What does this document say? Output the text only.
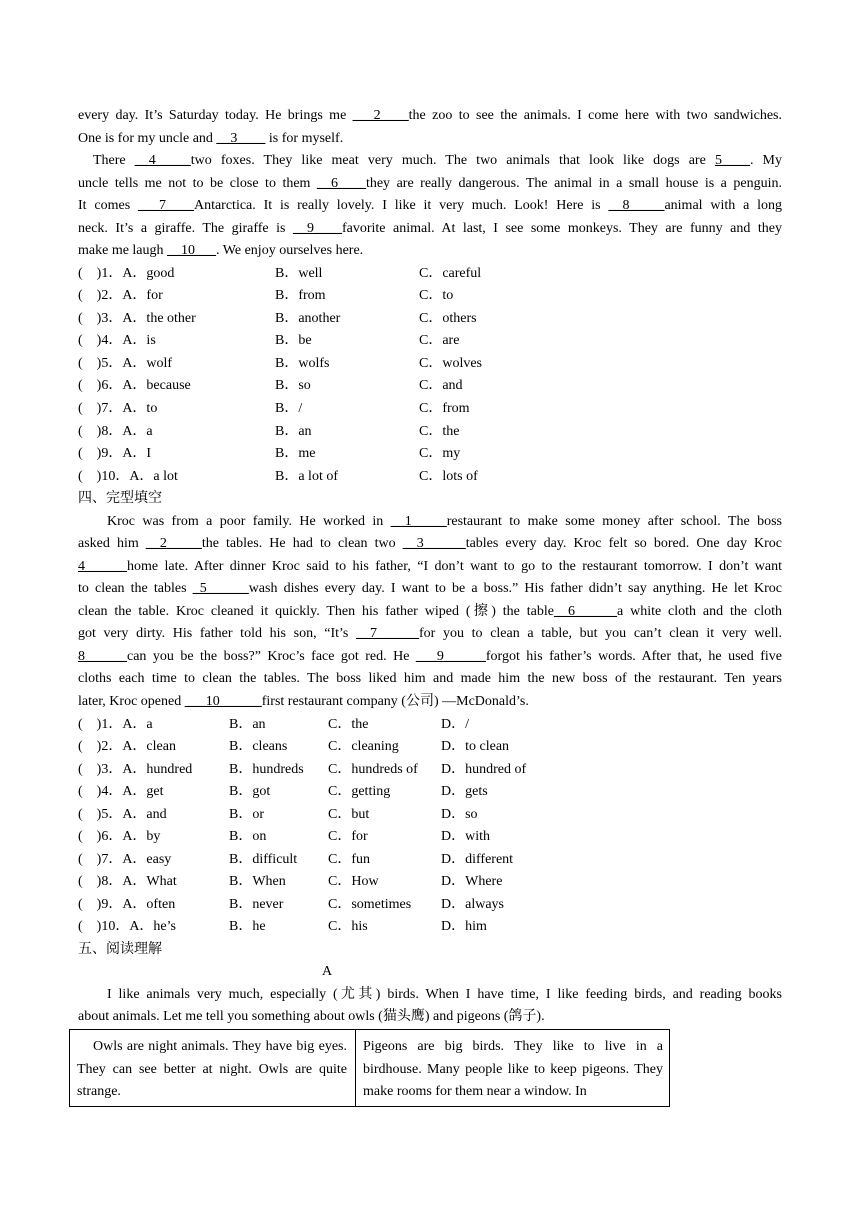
every day. It’s Saturday today. He brings me ___2____the zoo to see the animals. I come here with two sandwiches.
One is for my uncle and __3____ is for myself.
There __4_____two foxes. They like meat very much. The two animals that look like dogs are 5____. My
uncle tells me not to be close to them __6____they are really dangerous. The animal in a small house is a penguin.
It comes ___7____Antarctica. It is really lovely. I like it very much. Look! Here is __8_____animal with a long
neck. It’s a giraffe. The giraffe is __9____favorite animal. At last, I see some monkeys. They are funny and they
make me laugh __10___. We enjoy ourselves here.
(    )1．A．good	B．well	C．careful
(    )2．A．for	B．from	C．to
(    )3．A．the other	B．another	C．others
(    )4．A．is	B．be	C．are
(    )5．A．wolf	B．wolfs	C．wolves
(    )6．A．because	B．so	C．and
(    )7．A．to	B．/	C．from
(    )8．A．a	B．an	C．the
(    )9．A．I	B．me	C．my
(    )10．A．a lot	B．a lot of	C．lots of
四、完型填空
Kroc was from a poor family. He worked in __1_____restaurant to make some money after school. The boss
asked him __2_____the tables. He had to clean two __3______tables every day. Kroc felt so bored. One day Kroc
4______home late. After dinner Kroc said to his father, “I don’t want to go to the restaurant tomorrow. I don’t want
to clean the tables _5______wash dishes every day. I want to be a boss.” His father didn’t say anything. He let Kroc
clean the table. Kroc cleaned it quickly. Then his father wiped (擦) the table__6______a white cloth and the cloth
got very dirty. His father told his son, “It’s __7______for you to clean a table, but you can’t clean it very well.
8______can you be the boss?” Kroc’s face got red. He ___9______forgot his father’s words. After that, he used five
cloths each time to clean the tables. The boss liked him and made him the new boss of the restaurant. Ten years
later, Kroc opened ___10______first restaurant company (公司) —McDonald’s.
(    )1．A．a	B．an	C．the	D．/
(    )2．A．clean	B．cleans	C．cleaning	D．to clean
(    )3．A．hundred	B．hundreds C．hundreds of D．hundred of
(    )4．A．get	B．got	C．getting	D．gets
(    )5．A．and	B．or	C．but	D．so
(    )6．A．by	B．on	C．for	D．with
(    )7．A．easy	B．difficult C．fun	D．different
(    )8．A．What	B．When	C．How	D．Where
(    )9．A．often	B．never	C．sometimes D．always
(    )10．A．he’s	B．he	C．his	D．him
五、阅读理解
A
I like animals very much, especially (尤其) birds. When I have time, I like feeding birds, and reading books
about animals. Let me tell you something about owls (猫头鹰) and pigeons (鸽子).
Owls are night animals. They have big eyes. They can see better at night. Owls are quite strange.
Pigeons are big birds. They like to live in a birdhouse. Many people like to keep pigeons. They make rooms for them near a window. In
